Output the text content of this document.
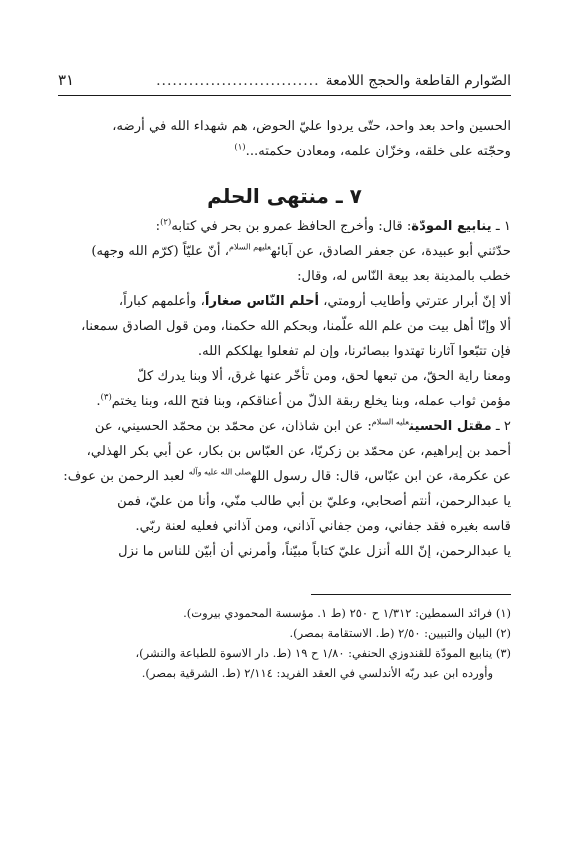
الصّوارم القاطعة والحجج اللامعة
..............................
٣١

الحسين واحد بعد واحد، حتّى يردوا عليّ الحوض، هم شهداء الله في أرضه،

وحجّته على خلقه، وخزّان علمه، ومعادن حكمته...$^{(١)}$

٧ ـ منتهى الحلم

١ ـ ينابيع المودّة: قال: وأخرج الحافظ عمرو بن بحر في كتابه$^{(٢)}$:

حدّثني أبو عبيدة، عن جعفر الصادق، عن آبائه$^{عليهم السلام}$، أنّ عليّاً (كرّم الله وجهه)

خطب بالمدينة بعد بيعة النّاس له، وقال:

ألا إنّ أبرار عترتي وأطايب أرومتي، أحلم النّاس صغاراً، وأعلمهم كباراً،

ألا وإنّا أهل بيت من علم الله علّمنا، وبحكم الله حكمنا، ومن قول الصادق سمعنا،

فإن تتبّعوا آثارنا تهتدوا ببصائرنا، وإن لم تفعلوا يهلككم الله.

ومعنا راية الحقّ، من تبعها لحق، ومن تأخّر عنها غرق، ألا وبنا يدرك كلّ

مؤمن ثواب عمله، وبنا يخلع ربقة الذلّ من أعناقكم، وبنا فتح الله، وبنا يختم$^{(٣)}$.

٢ ـ مقتل الحسين$^{عليه السلام}$: عن ابن شاذان، عن محمّد بن محمّد الحسيني، عن

أحمد بن إبراهيم، عن محمّد بن زكريّا، عن العبّاس بن بكار، عن أبي بكر الهذلي،

عن عكرمة، عن ابن عبّاس، قال: قال رسول الله$^{صلى الله عليه وآله}$ لعبد الرحمن بن عوف:

يا عبدالرحمن، أنتم أصحابي، وعليّ بن أبي طالب منّي، وأنا من عليّ، فمن

قاسه بغيره فقد جفاني، ومن جفاني آذاني، ومن آذاني فعليه لعنة ربّي.

يا عبدالرحمن، إنّ الله أنزل عليّ كتاباً مبيّناً، وأمرني أن أبيّن للناس ما نزل

(١) فرائد السمطين: ١/٣١٢ ح ٢٥٠ (ط ١. مؤسسة المحمودي بيروت).

(٢) البيان والتبيين: ٢/٥٠ (ط. الاستقامة بمصر).

(٣) ينابيع المودّة للقندوزي الحنفي: ١/٨٠ ح ١٩ (ط. دار الاسوة للطباعة والنشر)،

وأورده ابن عبد ربّه الأندلسي في العقد الفريد: ٢/١١٤ (ط. الشرقية بمصر).
